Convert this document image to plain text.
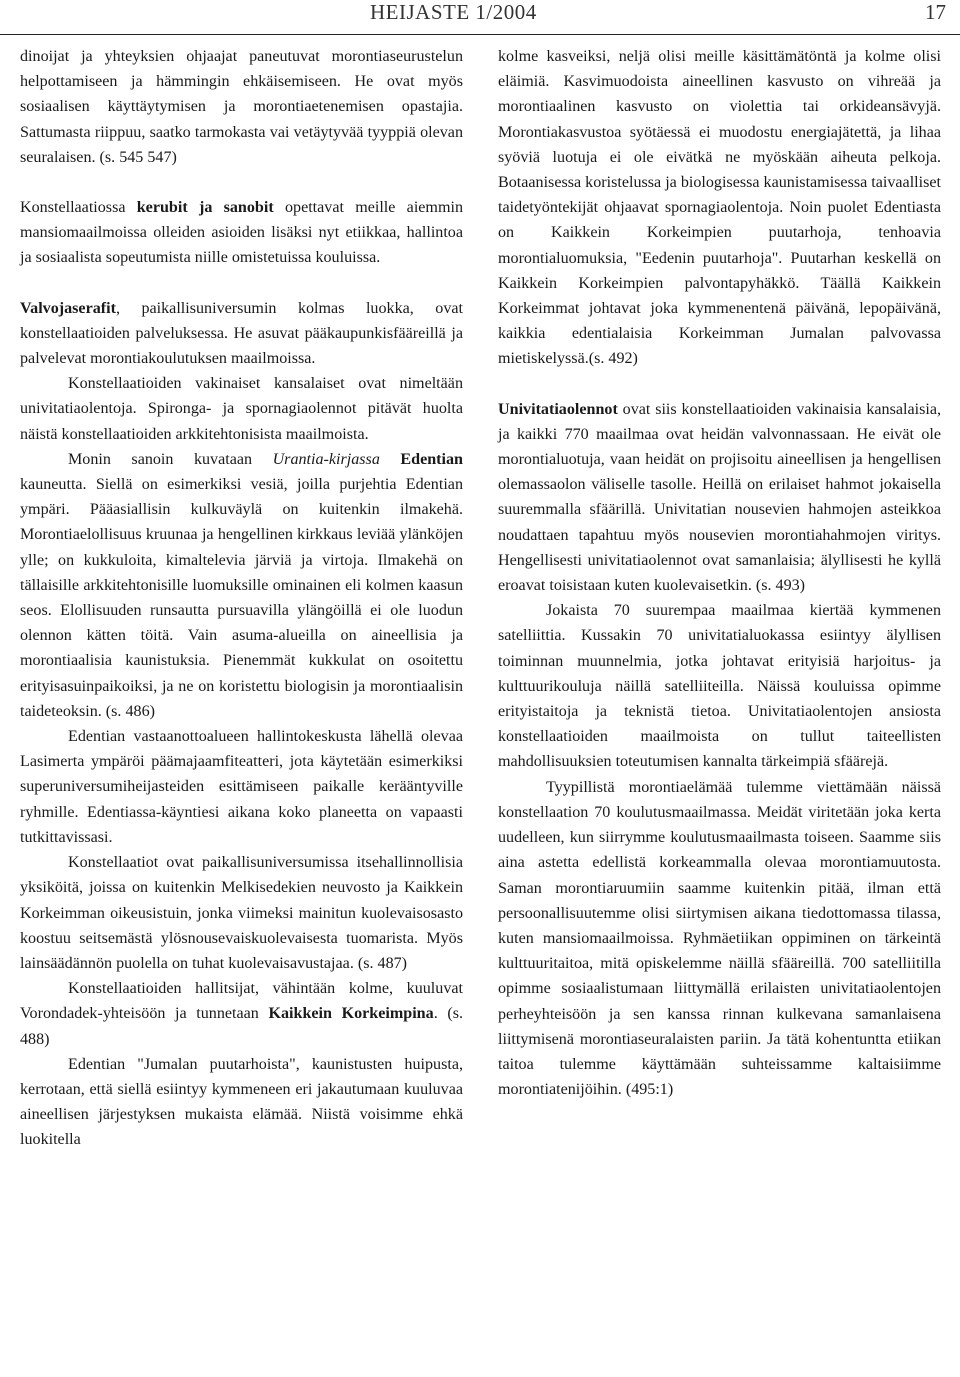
HEIJASTE 1/2004	17

dinoijat ja yhteyksien ohjaajat paneutuvat morontiaseurustelun helpottamiseen ja hämmingin ehkäisemiseen. He ovat myös sosiaalisen käyttäytymisen ja morontiaetenemisen opastajia. Sattumasta riippuu, saatko tarmokasta vai vetäytyvää tyyppiä olevan seuralaisen. (s. 545 547)

Konstellaatiossa kerubit ja sanobit opettavat meille aiemmin mansiomaailmoissa olleiden asioiden lisäksi nyt etiikkaa, hallintoa ja sosiaalista sopeutumista niille omistetuissa kouluissa.

Valvojaserafit, paikallisuniversumin kolmas luokka, ovat konstellaatioiden palveluksessa. He asuvat pääkaupunkisfääreillä ja palvelevat morontiakoulutuksen maailmoissa.

Konstellaatioiden vakinaiset kansalaiset ovat nimeltään univitatiaolentoja. Spironga- ja spornagiaolennot pitävät huolta näistä konstellaatioiden arkkitehtonisista maailmoista.

Monin sanoin kuvataan Urantia-kirjassa Edentian kauneutta. Siellä on esimerkiksi vesiä, joilla purjehtia Edentian ympäri. Pääasiallisin kulkuväylä on kuitenkin ilmakehä. Morontiaelollisuus kruunaa ja hengellinen kirkkaus leviää ylänköjen ylle; on kukkuloita, kimaltelevia järviä ja virtoja. Ilmakehä on tällaisille arkkitehtonisille luomuksille ominainen eli kolmen kaasun seos. Elollisuuden runsautta pursuavilla ylängöillä ei ole luodun olennon kätten töitä. Vain asuma-alueilla on aineellisia ja morontiaalisia kaunistuksia. Pienemmät kukkulat on osoitettu erityisasuinpaikoiksi, ja ne on koristettu biologisin ja morontiaalisin taideteoksin. (s. 486)

Edentian vastaanottoalueen hallintokeskusta lähellä olevaa Lasimerta ympäröi päämajaamfiteatteri, jota käytetään esimerkiksi superuniversumiheijasteiden esittämiseen paikalle kerääntyville ryhmille. Edentiassa-käyntiesi aikana koko planeetta on vapaasti tutkittavissasi.

Konstellaatiot ovat paikallisuniversumissa itsehallinnollisia yksiköitä, joissa on kuitenkin Melkisedekien neuvosto ja Kaikkein Korkeimman oikeusistuin, jonka viimeksi mainitun kuolevaisosasto koostuu seitsemästä ylösnousevaiskuolevaisesta tuomarista. Myös lainsäädännön puolella on tuhat kuolevaisavustajaa. (s. 487)

Konstellaatioiden hallitsijat, vähintään kolme, kuuluvat Vorondadek-yhteisöön ja tunnetaan Kaikkein Korkeimpina. (s. 488)

Edentian "Jumalan puutarhoista", kaunistusten huipusta, kerrotaan, että siellä esiintyy kymmeneen eri jakautumaan kuuluvaa aineellisen järjestyksen mukaista elämää. Niistä voisimme ehkä luokitella

kolme kasveiksi, neljä olisi meille käsittämätöntä ja kolme olisi eläimiä. Kasvimuodoista aineellinen kasvusto on vihreää ja morontiaalinen kasvusto on violettia tai orkideansävyjä. Morontiakasvustoa syötäessä ei muodostu energiajätettä, ja lihaa syöviä luotuja ei ole eivätkä ne myöskään aiheuta pelkoja. Botaanisessa koristelussa ja biologisessa kaunistamisessa taivaalliset taidetyöntekijät ohjaavat spornagiaolentoja. Noin puolet Edentiasta on Kaikkein Korkeimpien puutarhoja, tenhoavia morontialuomuksia, "Eedenin puutarhoja". Puutarhan keskellä on Kaikkein Korkeimpien palvontapyhäkkö. Täällä Kaikkein Korkeimmat johtavat joka kymmenentenä päivänä, lepopäivänä, kaikkia edentialaisia Korkeimman Jumalan palvovassa mietiskelyssä.(s. 492)

Univitatiaolennot ovat siis konstellaatioiden vakinaisia kansalaisia, ja kaikki 770 maailmaa ovat heidän valvonnassaan. He eivät ole morontialuotuja, vaan heidät on projisoitu aineellisen ja hengellisen olemassaolon väliselle tasolle. Heillä on erilaiset hahmot jokaisella suuremmalla sfäärillä. Univitatian nousevien hahmojen asteikkoa noudattaen tapahtuu myös nousevien morontiahahmojen viritys. Hengellisesti univitatiaolennot ovat samanlaisia; älyllisesti he kyllä eroavat toisistaan kuten kuolevaisetkin. (s. 493)

Jokaista 70 suurempaa maailmaa kiertää kymmenen satelliittia. Kussakin 70 univitatialuokassa esiintyy älyllisen toiminnan muunnelmia, jotka johtavat erityisiä harjoitus- ja kulttuurikouluja näillä satelliiteilla. Näissä kouluissa opimme erityistaitoja ja teknistä tietoa. Univitatiaolentojen ansiosta konstellaatioiden maailmoista on tullut taiteellisten mahdollisuuksien toteutumisen kannalta tärkeimpiä sfäärejä.

Tyypillistä morontiaelämää tulemme viettämään näissä konstellaation 70 koulutusmaailmassa. Meidät viritetään joka kerta uudelleen, kun siirrymme koulutusmaailmasta toiseen. Saamme siis aina astetta edellistä korkeammalla olevaa morontiamuutosta. Saman morontiaruumiin saamme kuitenkin pitää, ilman että persoonallisuutemme olisi siirtymisen aikana tiedottomassa tilassa, kuten mansiomaailmoissa. Ryhmäetiikan oppiminen on tärkeintä kulttuuritaitoa, mitä opiskelemme näillä sfääreillä. 700 satelliitilla opimme sosiaalistumaan liittymällä erilaisten univitatiaolentojen perheyhteisöön ja sen kanssa rinnan kulkevana samanlaisena liittymisenä morontiaseuralaisten pariin. Ja tätä kohentuntta etiikan taitoa tulemme käyttämään suhteissamme kaltaisiimme morontiatenijöihin. (495:1)
